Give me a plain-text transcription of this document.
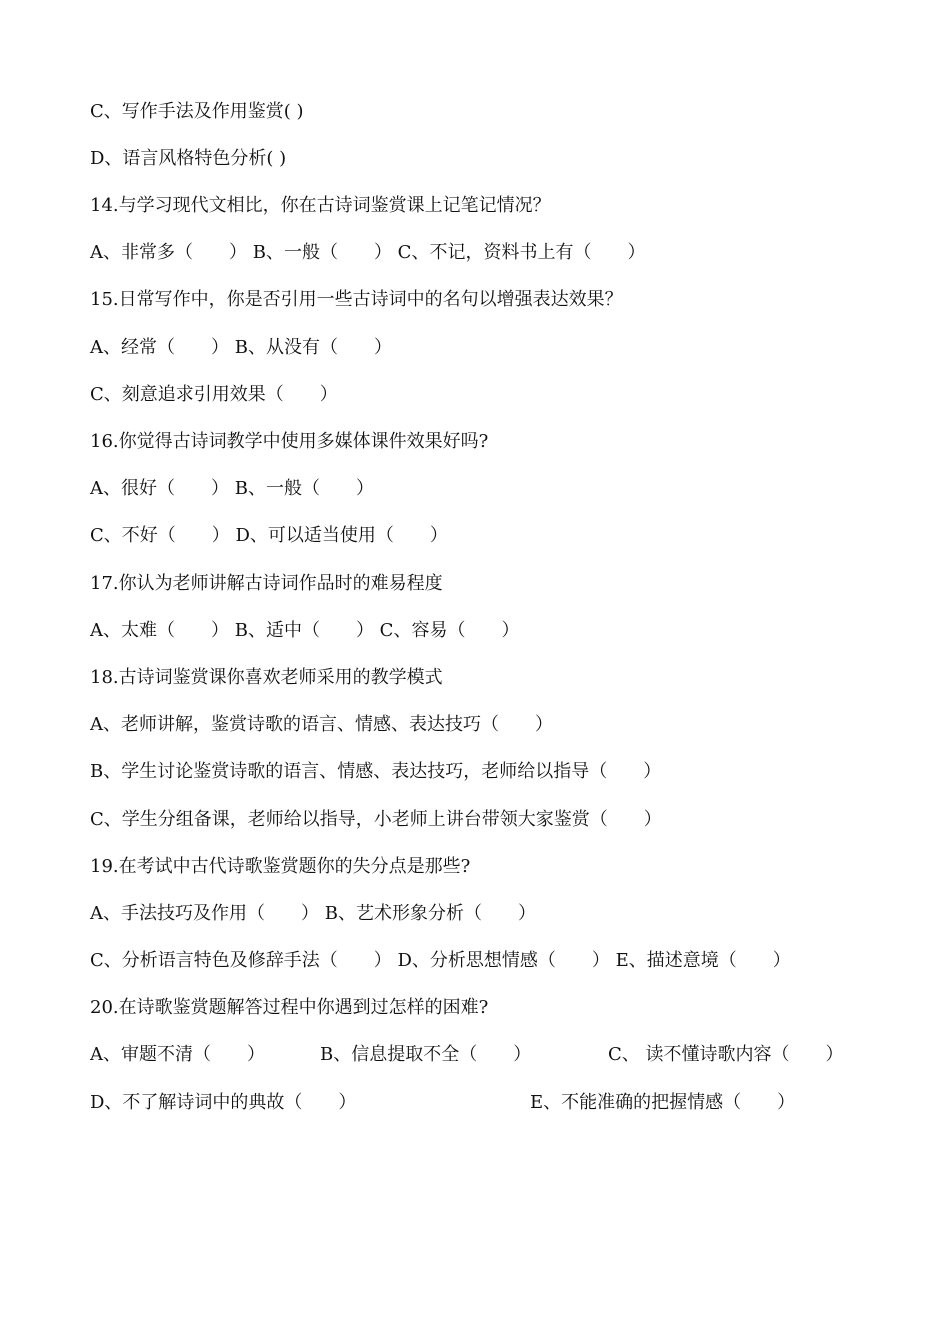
C、写作手法及作用鉴赏( )
D、语言风格特色分析( )
14.与学习现代文相比，你在古诗词鉴赏课上记笔记情况？
A、非常多（　　） B、一般（　　） C、不记，资料书上有（　　）
15.日常写作中，你是否引用一些古诗词中的名句以增强表达效果？
A、经常（　　） B、从没有（　　）
C、刻意追求引用效果（　　）
16.你觉得古诗词教学中使用多媒体课件效果好吗?
A、很好（　　） B、一般（　　）
C、不好（　　） D、可以适当使用（　　）
17.你认为老师讲解古诗词作品时的难易程度
A、太难（　　） B、适中（　　） C、容易（　　）
18.古诗词鉴赏课你喜欢老师采用的教学模式
A、老师讲解，鉴赏诗歌的语言、情感、表达技巧（　　）
B、学生讨论鉴赏诗歌的语言、情感、表达技巧，老师给以指导（　　）
C、学生分组备课，老师给以指导，小老师上讲台带领大家鉴赏（　　）
19.在考试中古代诗歌鉴赏题你的失分点是那些?
A、手法技巧及作用（　　） B、艺术形象分析（　　）
C、分析语言特色及修辞手法（　　） D、分析思想情感（　　） E、描述意境（　　）
20.在诗歌鉴赏题解答过程中你遇到过怎样的困难?

A、审题不清（　　）

	B、信息提取不全（　　）

	C、 读不懂诗歌内容（　　）

D、不了解诗词中的典故（　　）

	E、不能准确的把握情感（　　）
